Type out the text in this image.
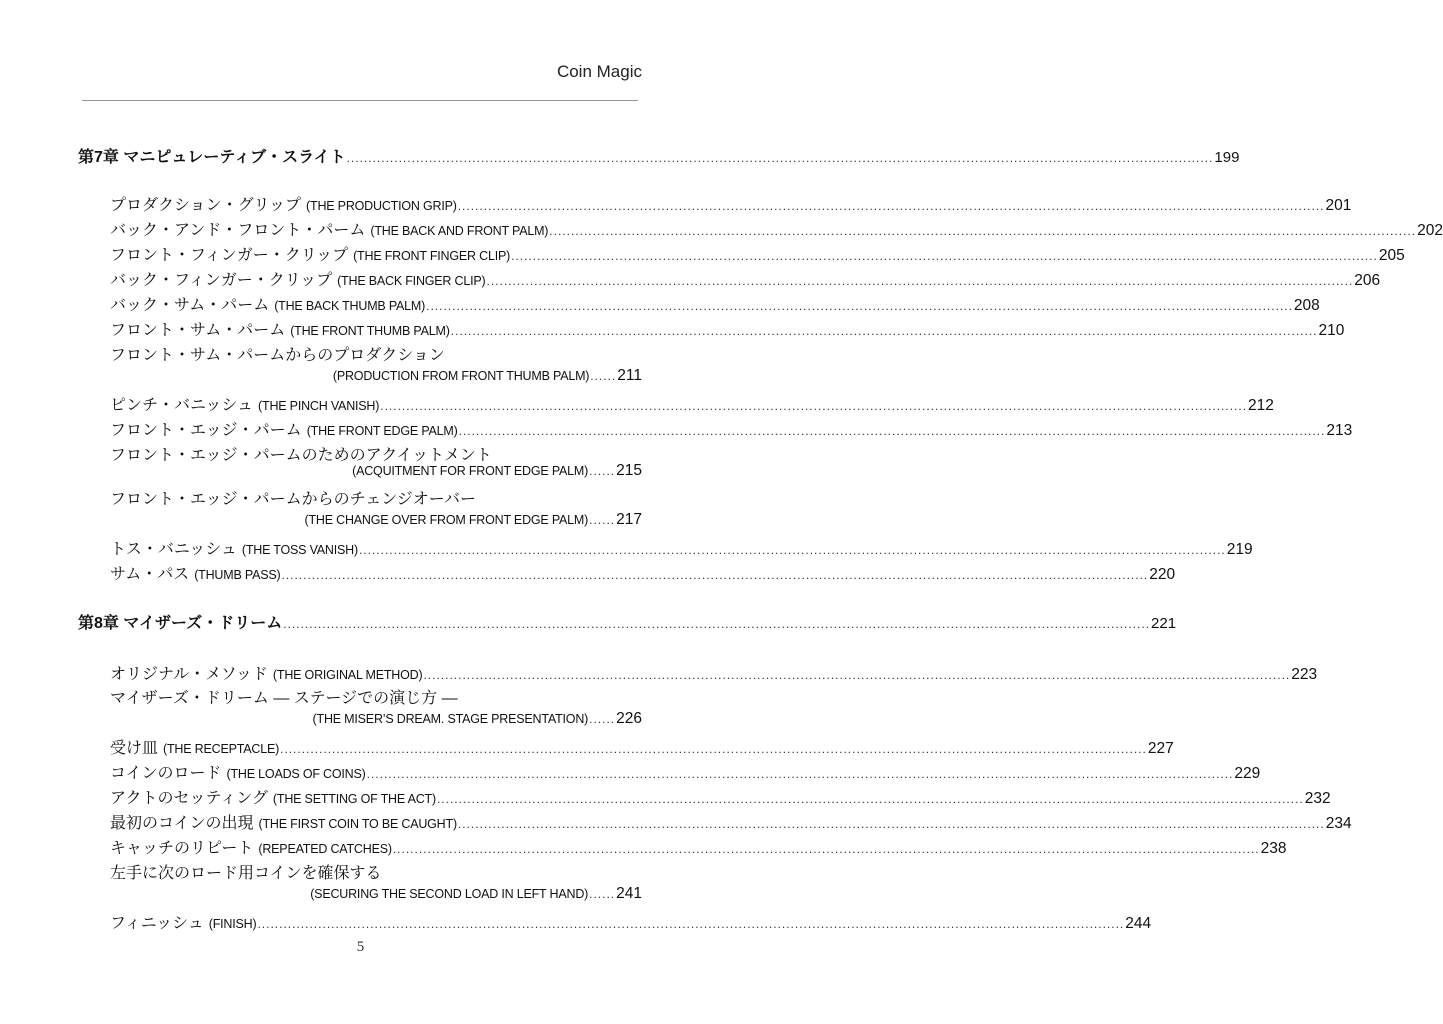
Coin Magic
第7章 マニピュレーティブ・スライト ........................................................................................................................................................................................................ 199
プロダクション・グリップ (THE PRODUCTION GRIP) ........................................................................................................................................................................................................ 201
バック・アンド・フロント・パーム (THE BACK AND FRONT PALM) ........................................................................................................................................................................................................ 202
フロント・フィンガー・クリップ (THE FRONT FINGER CLIP) ........................................................................................................................................................................................................ 205
バック・フィンガー・クリップ (THE BACK FINGER CLIP) ........................................................................................................................................................................................................ 206
バック・サム・パーム (THE BACK THUMB PALM) ........................................................................................................................................................................................................ 208
フロント・サム・パーム (THE FRONT THUMB PALM) ........................................................................................................................................................................................................ 210
フロント・サム・パームからのプロダクション
(PRODUCTION FROM FRONT THUMB PALM) ...... 211
ピンチ・バニッシュ (THE PINCH VANISH) ........................................................................................................................................................................................................ 212
フロント・エッジ・パーム (THE FRONT EDGE PALM) ........................................................................................................................................................................................................ 213
フロント・エッジ・パームのためのアクイットメント
(ACQUITMENT FOR FRONT EDGE PALM) ...... 215
フロント・エッジ・パームからのチェンジオーバー
(THE CHANGE OVER FROM FRONT EDGE PALM) ...... 217
トス・バニッシュ (THE TOSS VANISH) ........................................................................................................................................................................................................ 219
サム・パス (THUMB PASS) ........................................................................................................................................................................................................ 220
第8章 マイザーズ・ドリーム ........................................................................................................................................................................................................ 221
オリジナル・メソッド (THE ORIGINAL METHOD) ........................................................................................................................................................................................................ 223
マイザーズ・ドリーム — ステージでの演じ方 —
(THE MISER’S DREAM. STAGE PRESENTATION) ...... 226
受け皿 (THE RECEPTACLE) ........................................................................................................................................................................................................ 227
コインのロード (THE LOADS OF COINS) ........................................................................................................................................................................................................ 229
アクトのセッティング (THE SETTING OF THE ACT) ........................................................................................................................................................................................................ 232
最初のコインの出現 (THE FIRST COIN TO BE CAUGHT) ........................................................................................................................................................................................................ 234
キャッチのリピート (REPEATED CATCHES) ........................................................................................................................................................................................................ 238
左手に次のロード用コインを確保する
(SECURING THE SECOND LOAD IN LEFT HAND) ...... 241
フィニッシュ (FINISH) ........................................................................................................................................................................................................ 244
5
